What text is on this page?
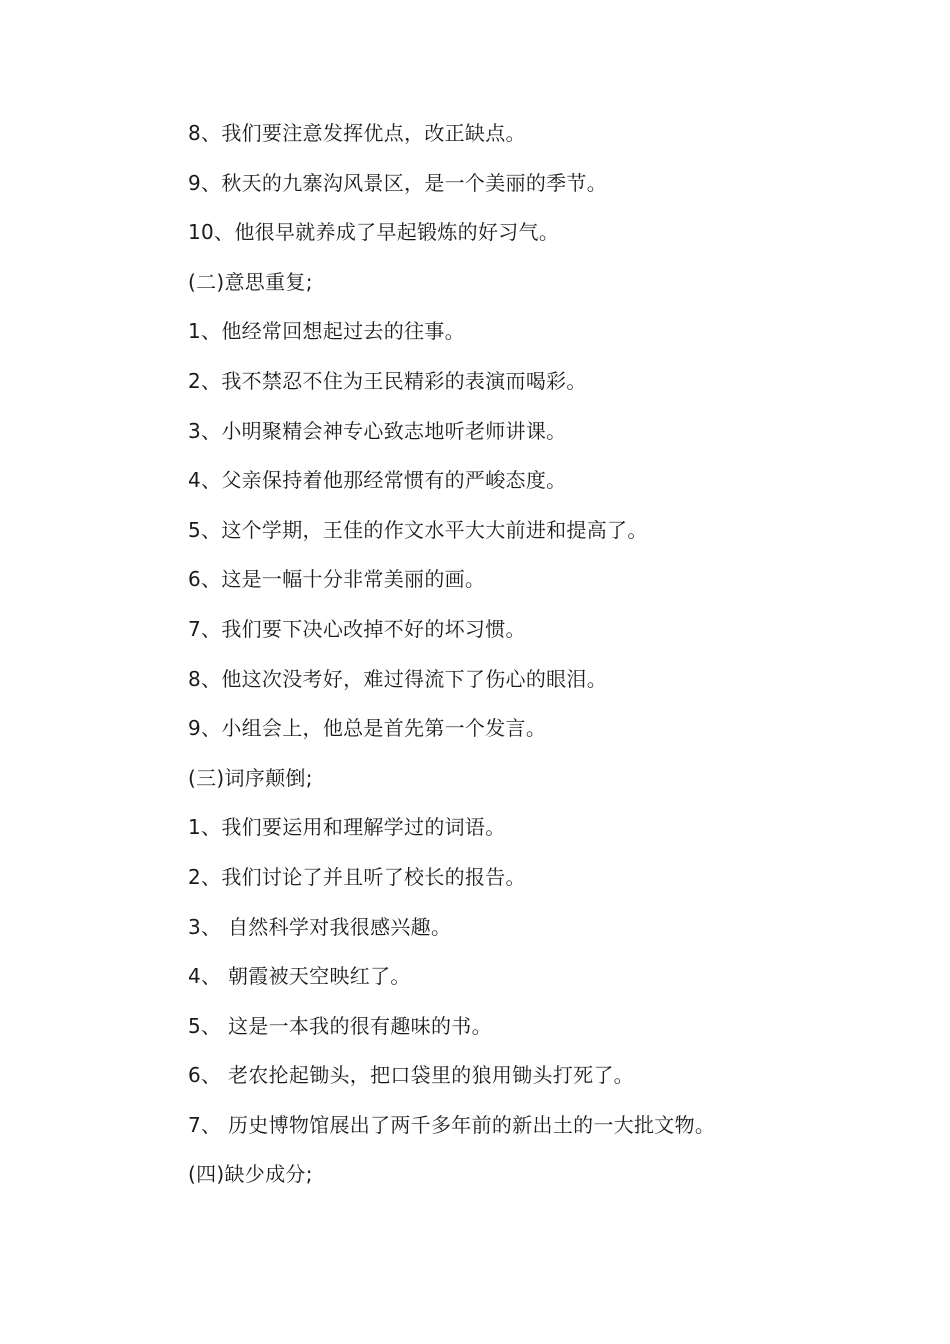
8、我们要注意发挥优点，改正缺点。
9、秋天的九寨沟风景区，是一个美丽的季节。
10、他很早就养成了早起锻炼的好习气。
(二)意思重复;
1、他经常回想起过去的往事。
2、我不禁忍不住为王民精彩的表演而喝彩。
3、小明聚精会神专心致志地听老师讲课。
4、父亲保持着他那经常惯有的严峻态度。
5、这个学期，王佳的作文水平大大前进和提高了。
6、这是一幅十分非常美丽的画。
7、我们要下决心改掉不好的坏习惯。
8、他这次没考好，难过得流下了伤心的眼泪。
9、小组会上，他总是首先第一个发言。
(三)词序颠倒;
1、我们要运用和理解学过的词语。
2、我们讨论了并且听了校长的报告。
3、 自然科学对我很感兴趣。
4、 朝霞被天空映红了。
5、 这是一本我的很有趣味的书。
6、 老农抡起锄头，把口袋里的狼用锄头打死了。
7、 历史博物馆展出了两千多年前的新出土的一大批文物。
(四)缺少成分;
